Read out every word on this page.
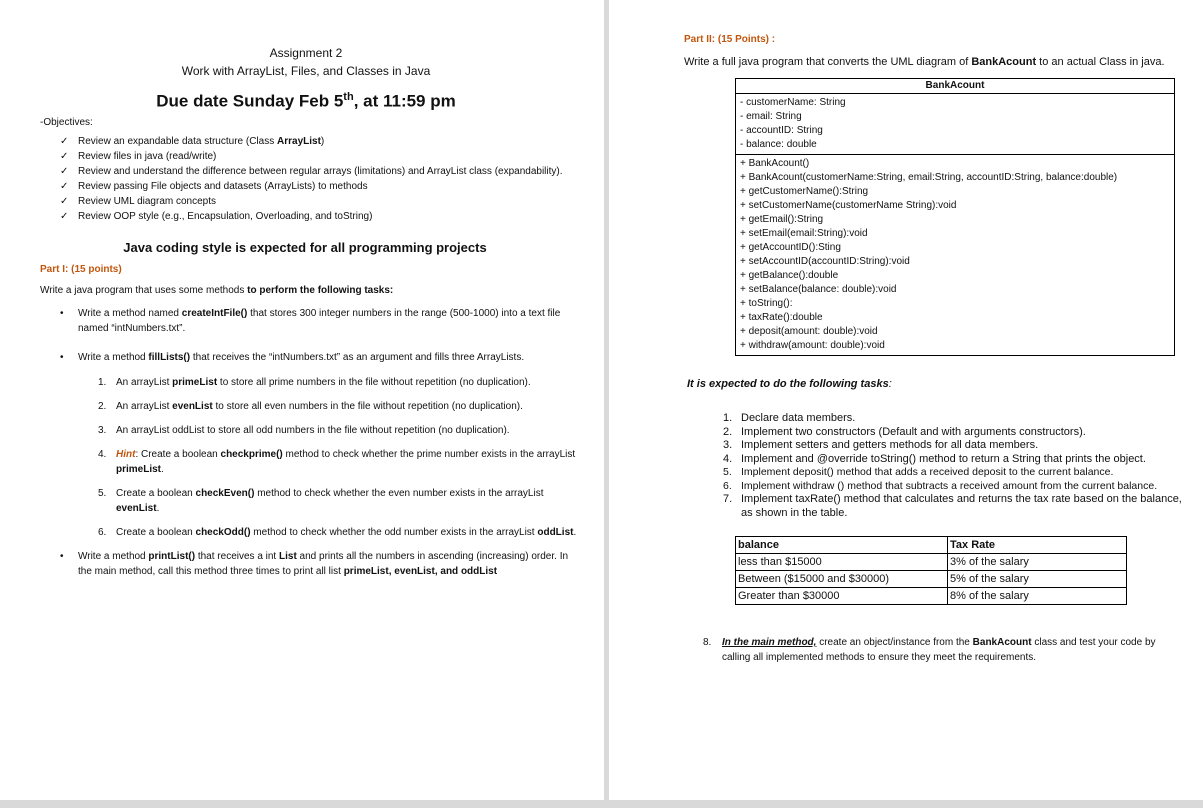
Assignment 2
Work with ArrayList, Files, and Classes in Java
Due date Sunday Feb 5th, at 11:59 pm
-Objectives:
✓ Review an expandable data structure (Class ArrayList)
✓ Review files in java (read/write)
✓ Review and understand the difference between regular arrays (limitations) and ArrayList class (expandability).
✓ Review passing File objects and datasets (ArrayLists) to methods
✓ Review UML diagram concepts
✓ Review OOP style (e.g., Encapsulation, Overloading, and toString)
Java coding style is expected for all programming projects
Part I: (15 points)
Write a java program that uses some methods to perform the following tasks:
• Write a method named createIntFile() that stores 300 integer numbers in the range (500-1000) into a text file named “intNumbers.txt”.
• Write a method fillLists() that receives the “intNumbers.txt” as an argument and fills three ArrayLists.
1. An arrayList primeList to store all prime numbers in the file without repetition (no duplication).
2. An arrayList evenList to store all even numbers in the file without repetition (no duplication).
3. An arrayList oddList to store all odd numbers in the file without repetition (no duplication).
4. Hint: Create a boolean checkprime() method to check whether the prime number exists in the arrayList primeList.
5. Create a boolean checkEven() method to check whether the even number exists in the arrayList evenList.
6. Create a boolean checkOdd() method to check whether the odd number exists in the arrayList oddList.
• Write a method printList() that receives a int List and prints all the numbers in ascending (increasing) order. In the main method, call this method three times to print all list primeList, evenList, and oddList
Part II: (15 Points) :
Write a full java program that converts the UML diagram of BankAcount to an actual Class in java.
BankAcount
- customerName: String
- email: String
- accountID: String
- balance: double
+ BankAcount()
+ BankAcount(customerName:String, email:String, accountID:String, balance:double)
+ getCustomerName():String
+ setCustomerName(customerName String):void
+ getEmail():String
+ setEmail(email:String):void
+ getAccountID():Sting
+ setAccountID(accountID:String):void
+ getBalance():double
+ setBalance(balance: double):void
+ toString():
+ taxRate():double
+ deposit(amount: double):void
+ withdraw(amount: double):void
It is expected to do the following tasks:
1. Declare data members.
2. Implement two constructors (Default and with arguments constructors).
3. Implement setters and getters methods for all data members.
4. Implement and @override toString() method to return a String that prints the object.
5. Implement deposit() method that adds a received deposit to the current balance.
6. Implement withdraw () method that subtracts a received amount from the current balance.
7. Implement taxRate() method that calculates and returns the tax rate based on the balance, as shown in the table.
balance	Tax Rate
less than $15000	3% of the salary
Between ($15000 and $30000)	5% of the salary
Greater than $30000	8% of the salary
8. In the main method, create an object/instance from the BankAcount class and test your code by calling all implemented methods to ensure they meet the requirements.
